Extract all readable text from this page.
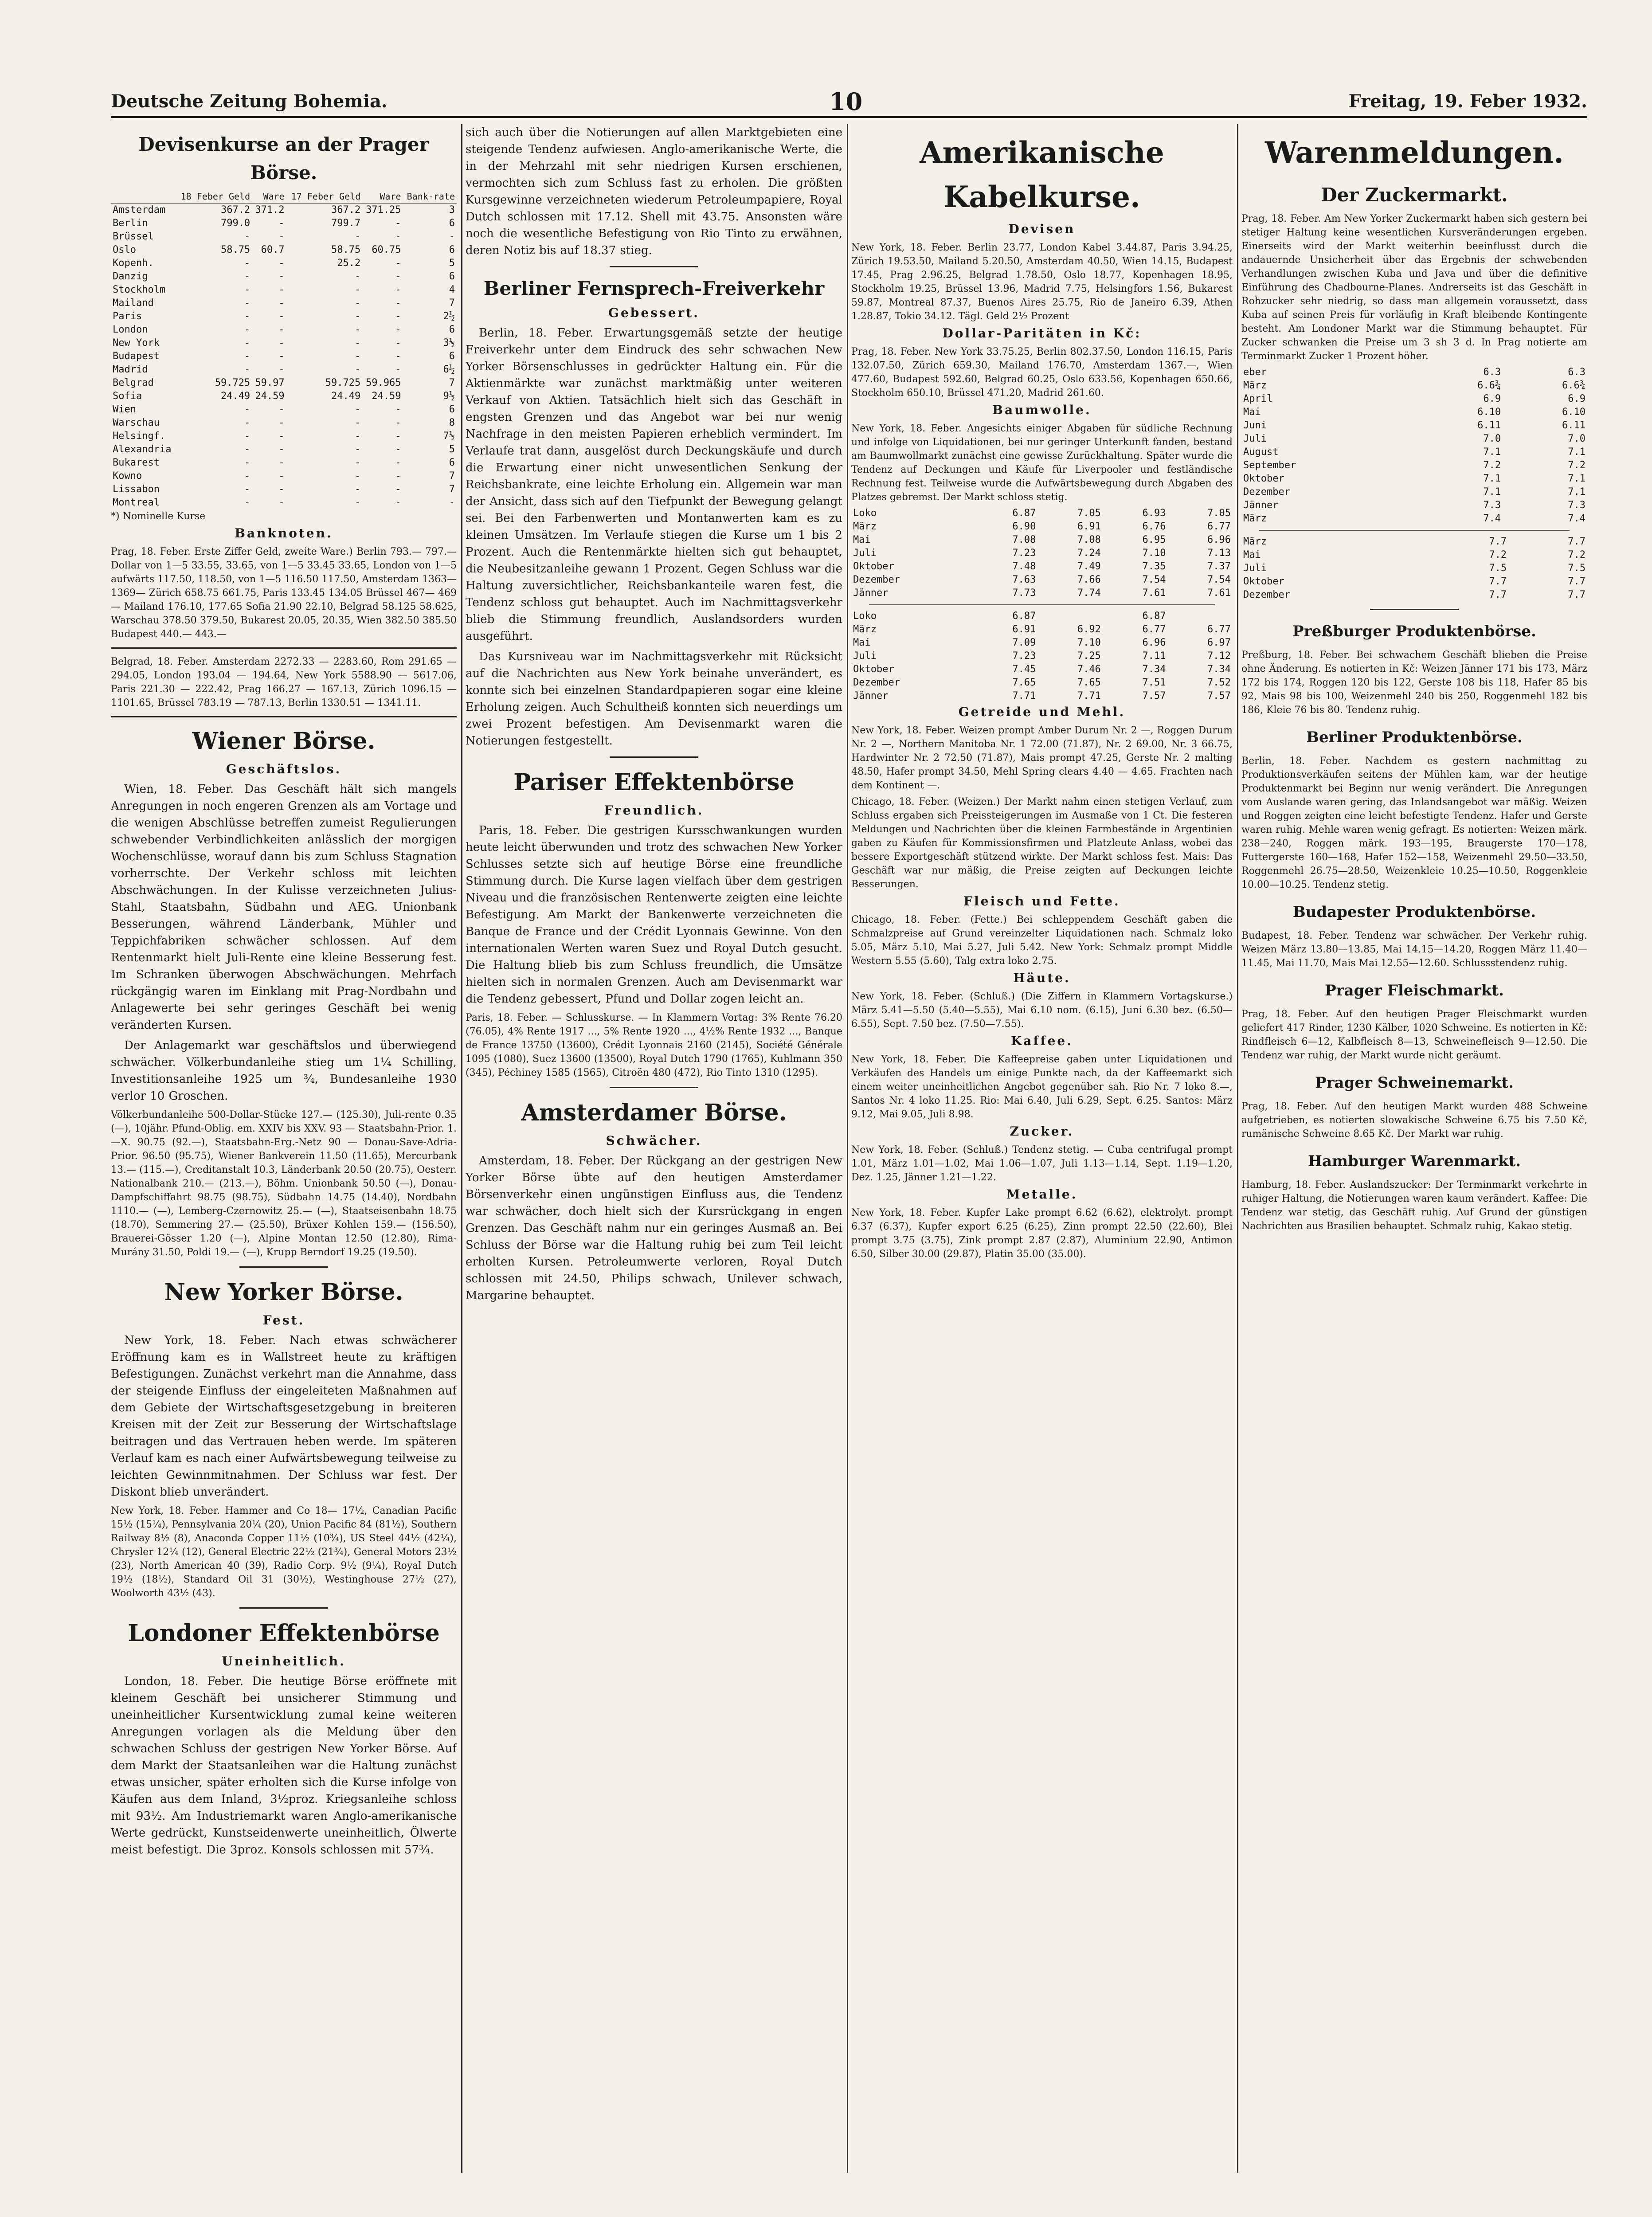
Deutsche Zeitung Bohemia.	10	Freitag, 19. Feber 1932.
Devisenkurse an der Prager Börse.
	18 Feber Geld	Ware	17 Feber Geld	Ware	Bank-rate
Amsterdam	367.2	371.2	367.2	371.25	3
Berlin	799.0	-	799.7	-	6
Brüssel	-	-	-	-	-
Oslo	58.75	60.7	58.75	60.75	6
Kopenh.	-	-	25.2	-	5
Danzig	-	-	-	-	6
Stockholm	-	-	-	-	4
Mailand	-	-	-	-	7
Paris	-	-	-	-	2½
London	-	-	-	-	6
New York	-	-	-	-	3½
Budapest	-	-	-	-	6
Madrid	-	-	-	-	6½
Belgrad	59.725	59.97	59.725	59.965	7
Sofia	24.49	24.59	24.49	24.59	9½
Wien	-	-	-	-	6
Warschau	-	-	-	-	8
Helsingf.	-	-	-	-	7½
Alexandria	-	-	-	-	5
Bukarest	-	-	-	-	6
Kowno	-	-	-	-	7
Lissabon	-	-	-	-	7
Montreal	-	-	-	-	-

*) Nominelle Kurse

Banknoten.

Prag, 18. Feber. Erste Ziffer Geld, zweite Ware.) Berlin 793.— 797.— Dollar von 1—5 33.55, 33.65, von 1—5 33.45 33.65, London von 1—5 aufwärts 117.50, 118.50, von 1—5 116.50 117.50, Amsterdam 1363— 1369— Zürich 658.75 661.75, Paris 133.45 134.05 Brüssel 467— 469— Mailand 176.10, 177.65 Sofia 21.90 22.10, Belgrad 58.125 58.625, Warschau 378.50 379.50, Bukarest 20.05, 20.35, Wien 382.50 385.50 Budapest 440.— 443.—

Belgrad, 18. Feber. Amsterdam 2272.33 — 2283.60, Rom 291.65 — 294.05, London 193.04 — 194.64, New York 5588.90 — 5617.06, Paris 221.30 — 222.42, Prag 166.27 — 167.13, Zürich 1096.15 — 1101.65, Brüssel 783.19 — 787.13, Berlin 1330.51 — 1341.11.

Wiener Börse.
Geschäftslos.

Wien, 18. Feber. Das Geschäft hält sich mangels Anregungen in noch engeren Grenzen als am Vortage und die wenigen Abschlüsse betreffen zumeist Regulierungen schwebender Verbindlichkeiten anlässlich der morgigen Wochenschlüsse, worauf dann bis zum Schluss Stagnation vorherrschte. Der Verkehr schloss mit leichten Abschwächungen. In der Kulisse verzeichneten Julius-Stahl, Staatsbahn, Südbahn und AEG. Unionbank Besserungen, während Länderbank, Mühler und Teppichfabriken schwächer schlossen. Auf dem Rentenmarkt hielt Juli-Rente eine kleine Besserung fest. Im Schranken überwogen Abschwächungen. Mehrfach rückgängig waren im Einklang mit Prag-Nordbahn und Anlagewerte bei sehr geringes Geschäft bei wenig veränderten Kursen.

Der Anlagemarkt war geschäftslos und überwiegend schwächer. Völkerbundanleihe stieg um 1¼ Schilling, Investitionsanleihe 1925 um ¾, Bundesanleihe 1930 verlor 10 Groschen.

Völkerbundanleihe 500-Dollar-Stücke 127.— (125.30), Juli-rente 0.35 (—), 10jähr. Pfund-Oblig. em. XXIV bis XXV. 93 — Staatsbahn-Prior. 1.—X. 90.75 (92.—), Staatsbahn-Erg.-Netz 90 — Donau-Save-Adria-Prior. 96.50 (95.75), Wiener Bankverein 11.50 (11.65), Mercurbank 13.— (115.—), Creditanstalt 10.3, Länderbank 20.50 (20.75), Oesterr. Nationalbank 210.— (213.—), Böhm. Unionbank 50.50 (—), Donau-Dampfschiffahrt 98.75 (98.75), Südbahn 14.75 (14.40), Nordbahn 1110.— (—), Lemberg-Czernowitz 25.— (—), Staatseisenbahn 18.75 (18.70), Semmering 27.— (25.50), Brüxer Kohlen 159.— (156.50), Brauerei-Gösser 1.20 (—), Alpine Montan 12.50 (12.80), Rima-Murány 31.50, Poldi 19.— (—), Krupp Berndorf 19.25 (19.50).

New Yorker Börse.
Fest.

New York, 18. Feber. Nach etwas schwächerer Eröffnung kam es in Wallstreet heute zu kräftigen Befestigungen. Zunächst verkehrt man die Annahme, dass der steigende Einfluss der eingeleiteten Maßnahmen auf dem Gebiete der Wirtschaftsgesetzgebung in breiteren Kreisen mit der Zeit zur Besserung der Wirtschaftslage beitragen und das Vertrauen heben werde. Im späteren Verlauf kam es nach einer Aufwärtsbewegung teilweise zu leichten Gewinnmitnahmen. Der Schluss war fest. Der Diskont blieb unverändert.

New York, 18. Feber. Hammer and Co 18— 17½, Canadian Pacific 15½ (15¼), Pennsylvania 20¼ (20), Union Pacific 84 (81½), Southern Railway 8½ (8), Anaconda Copper 11½ (10¾), US Steel 44½ (42¼), Chrysler 12¼ (12), General Electric 22½ (21¾), General Motors 23½ (23), North American 40 (39), Radio Corp. 9½ (9¼), Royal Dutch 19½ (18½), Standard Oil 31 (30½), Westinghouse 27½ (27), Woolworth 43½ (43).

Londoner Effektenbörse
Uneinheitlich.

London, 18. Feber. Die heutige Börse eröffnete mit kleinem Geschäft bei unsicherer Stimmung und uneinheitlicher Kursentwicklung zumal keine weiteren Anregungen vorlagen als die Meldung über den schwachen Schluss der gestrigen New Yorker Börse. Auf dem Markt der Staatsanleihen war die Haltung zunächst etwas unsicher, später erholten sich die Kurse infolge von Käufen aus dem Inland, 3½proz. Kriegsanleihe schloss mit 93½. Am Industriemarkt waren Anglo-amerikanische Werte gedrückt, Kunstseidenwerte uneinheitlich, Ölwerte meist befestigt. Die 3proz. Konsols schlossen mit 57¾.

sich auch über die Notierungen auf allen Marktgebieten eine steigende Tendenz aufwiesen. Anglo-amerikanische Werte, die in der Mehrzahl mit sehr niedrigen Kursen erschienen, vermochten sich zum Schluss fast zu erholen. Die größten Kursgewinne verzeichneten wiederum Petroleumpapiere, Royal Dutch schlossen mit 17.12. Shell mit 43.75. Ansonsten wäre noch die wesentliche Befestigung von Rio Tinto zu erwähnen, deren Notiz bis auf 18.37 stieg.

Berliner Fernsprech-Freiverkehr
Gebessert.

Berlin, 18. Feber. Erwartungsgemäß setzte der heutige Freiverkehr unter dem Eindruck des sehr schwachen New Yorker Börsenschlusses in gedrückter Haltung ein. Für die Aktienmärkte war zunächst marktmäßig unter weiteren Verkauf von Aktien. Tatsächlich hielt sich das Geschäft in engsten Grenzen und das Angebot war bei nur wenig Nachfrage in den meisten Papieren erheblich vermindert. Im Verlaufe trat dann, ausgelöst durch Deckungskäufe und durch die Erwartung einer nicht unwesentlichen Senkung der Reichsbankrate, eine leichte Erholung ein. Allgemein war man der Ansicht, dass sich auf den Tiefpunkt der Bewegung gelangt sei. Bei den Farbenwerten und Montanwerten kam es zu kleinen Umsätzen. Im Verlaufe stiegen die Kurse um 1 bis 2 Prozent. Auch die Rentenmärkte hielten sich gut behauptet, die Neubesitzanleihe gewann 1 Prozent. Gegen Schluss war die Haltung zuversichtlicher, Reichsbankanteile waren fest, die Tendenz schloss gut behauptet. Auch im Nachmittagsverkehr blieb die Stimmung freundlich, Auslandsorders wurden ausgeführt.

Das Kursniveau war im Nachmittagsverkehr mit Rücksicht auf die Nachrichten aus New York beinahe unverändert, es konnte sich bei einzelnen Standardpapieren sogar eine kleine Erholung zeigen. Auch Schultheiß konnten sich neuerdings um zwei Prozent befestigen. Am Devisenmarkt waren die Notierungen festgestellt.

Pariser Effektenbörse
Freundlich.

Paris, 18. Feber. Die gestrigen Kursschwankungen wurden heute leicht überwunden und trotz des schwachen New Yorker Schlusses setzte sich auf heutige Börse eine freundliche Stimmung durch. Die Kurse lagen vielfach über dem gestrigen Niveau und die französischen Rentenwerte zeigten eine leichte Befestigung. Am Markt der Bankenwerte verzeichneten die Banque de France und der Crédit Lyonnais Gewinne. Von den internationalen Werten waren Suez und Royal Dutch gesucht. Die Haltung blieb bis zum Schluss freundlich, die Umsätze hielten sich in normalen Grenzen. Auch am Devisenmarkt war die Tendenz gebessert, Pfund und Dollar zogen leicht an.

Paris, 18. Feber. — Schlusskurse. — In Klammern Vortag: 3% Rente 76.20 (76.05), 4% Rente 1917 ..., 5% Rente 1920 ..., 4½% Rente 1932 ..., Banque de France 13750 (13600), Crédit Lyonnais 2160 (2145), Société Générale 1095 (1080), Suez 13600 (13500), Royal Dutch 1790 (1765), Kuhlmann 350 (345), Péchiney 1585 (1565), Citroën 480 (472), Rio Tinto 1310 (1295).

Amsterdamer Börse.
Schwächer.

Amsterdam, 18. Feber. Der Rückgang an der gestrigen New Yorker Börse übte auf den heutigen Amsterdamer Börsenverkehr einen ungünstigen Einfluss aus, die Tendenz war schwächer, doch hielt sich der Kursrückgang in engen Grenzen. Das Geschäft nahm nur ein geringes Ausmaß an. Bei Schluss der Börse war die Haltung ruhig bei zum Teil leicht erholten Kursen. Petroleumwerte verloren, Royal Dutch schlossen mit 24.50, Philips schwach, Unilever schwach, Margarine behauptet.

Amerikanische Kabelkurse.
Devisen

New York, 18. Feber. Berlin 23.77, London Kabel 3.44.87, Paris 3.94.25, Zürich 19.53.50, Mailand 5.20.50, Amsterdam 40.50, Wien 14.15, Budapest 17.45, Prag 2.96.25, Belgrad 1.78.50, Oslo 18.77, Kopenhagen 18.95, Stockholm 19.25, Brüssel 13.96, Madrid 7.75, Helsingfors 1.56, Bukarest 59.87, Montreal 87.37, Buenos Aires 25.75, Rio de Janeiro 6.39, Athen 1.28.87, Tokio 34.12. Tägl. Geld 2½ Prozent

Dollar-Paritäten in Kč:

Prag, 18. Feber. New York 33.75.25, Berlin 802.37.50, London 116.15, Paris 132.07.50, Zürich 659.30, Mailand 176.70, Amsterdam 1367.—, Wien 477.60, Budapest 592.60, Belgrad 60.25, Oslo 633.56, Kopenhagen 650.66, Stockholm 650.10, Brüssel 471.20, Madrid 261.60.

Baumwolle.

New York, 18. Feber. Angesichts einiger Abgaben für südliche Rechnung und infolge von Liquidationen, bei nur geringer Unterkunft fanden, bestand am Baumwollmarkt zunächst eine gewisse Zurückhaltung. Später wurde die Tendenz auf Deckungen und Käufe für Liverpooler und festländische Rechnung fest. Teilweise wurde die Aufwärtsbewegung durch Abgaben des Platzes gebremst. Der Markt schloss stetig.

Loko	6.87	7.05	6.93	7.05
März	6.90	6.91	6.76	6.77
Mai	7.08	7.08	6.95	6.96
Juli	7.23	7.24	7.10	7.13
Oktober	7.48	7.49	7.35	7.37
Dezember	7.63	7.66	7.54	7.54
Jänner	7.73	7.74	7.61	7.61
Loko	6.87		6.87	
März	6.91	6.92	6.77	6.77
Mai	7.09	7.10	6.96	6.97
Juli	7.23	7.25	7.11	7.12
Oktober	7.45	7.46	7.34	7.34
Dezember	7.65	7.65	7.51	7.52
Jänner	7.71	7.71	7.57	7.57
Getreide und Mehl.

New York, 18. Feber. Weizen prompt Amber Durum Nr. 2 —, Roggen Durum Nr. 2 —, Northern Manitoba Nr. 1 72.00 (71.87), Nr. 2 69.00, Nr. 3 66.75, Hardwinter Nr. 2 72.50 (71.87), Mais prompt 47.25, Gerste Nr. 2 malting 48.50, Hafer prompt 34.50, Mehl Spring clears 4.40 — 4.65. Frachten nach dem Kontinent —.

Chicago, 18. Feber. (Weizen.) Der Markt nahm einen stetigen Verlauf, zum Schluss ergaben sich Preissteigerungen im Ausmaße von 1 Ct. Die festeren Meldungen und Nachrichten über die kleinen Farmbestände in Argentinien gaben zu Käufen für Kommissionsfirmen und Platzleute Anlass, wobei das bessere Exportgeschäft stützend wirkte. Der Markt schloss fest. Mais: Das Geschäft war nur mäßig, die Preise zeigten auf Deckungen leichte Besserungen.

Fleisch und Fette.

Chicago, 18. Feber. (Fette.) Bei schleppendem Geschäft gaben die Schmalzpreise auf Grund vereinzelter Liquidationen nach. Schmalz loko 5.05, März 5.10, Mai 5.27, Juli 5.42. New York: Schmalz prompt Middle Western 5.55 (5.60), Talg extra loko 2.75.

Häute.

New York, 18. Feber. (Schluß.) (Die Ziffern in Klammern Vortagskurse.) März 5.41—5.50 (5.40—5.55), Mai 6.10 nom. (6.15), Juni 6.30 bez. (6.50—6.55), Sept. 7.50 bez. (7.50—7.55).

Kaffee.

New York, 18. Feber. Die Kaffeepreise gaben unter Liquidationen und Verkäufen des Handels um einige Punkte nach, da der Kaffeemarkt sich einem weiter uneinheitlichen Angebot gegenüber sah. Rio Nr. 7 loko 8.—, Santos Nr. 4 loko 11.25. Rio: Mai 6.40, Juli 6.29, Sept. 6.25. Santos: März 9.12, Mai 9.05, Juli 8.98.

Zucker.

New York, 18. Feber. (Schluß.) Tendenz stetig. — Cuba centrifugal prompt 1.01, März 1.01—1.02, Mai 1.06—1.07, Juli 1.13—1.14, Sept. 1.19—1.20, Dez. 1.25, Jänner 1.21—1.22.

Metalle.

New York, 18. Feber. Kupfer Lake prompt 6.62 (6.62), elektrolyt. prompt 6.37 (6.37), Kupfer export 6.25 (6.25), Zinn prompt 22.50 (22.60), Blei prompt 3.75 (3.75), Zink prompt 2.87 (2.87), Aluminium 22.90, Antimon 6.50, Silber 30.00 (29.87), Platin 35.00 (35.00).

Warenmeldungen.
Der Zuckermarkt.

Prag, 18. Feber. Am New Yorker Zuckermarkt haben sich gestern bei stetiger Haltung keine wesentlichen Kursveränderungen ergeben. Einerseits wird der Markt weiterhin beeinflusst durch die andauernde Unsicherheit über das Ergebnis der schwebenden Verhandlungen zwischen Kuba und Java und über die definitive Einführung des Chadbourne-Planes. Andrerseits ist das Geschäft in Rohzucker sehr niedrig, so dass man allgemein voraussetzt, dass Kuba auf seinen Preis für vorläufig in Kraft bleibende Kontingente besteht. Am Londoner Markt war die Stimmung behauptet. Für Zucker schwanken die Preise um 3 sh 3 d. In Prag notierte am Terminmarkt Zucker 1 Prozent höher.

eber	6.3	6.3
März	6.6¾	6.6¾
April	6.9	6.9
Mai	6.10	6.10
Juni	6.11	6.11
Juli	7.0	7.0
August	7.1	7.1
September	7.2	7.2
Oktober	7.1	7.1
Dezember	7.1	7.1
Jänner	7.3	7.3
März	7.4	7.4
März	7.7	7.7
Mai	7.2	7.2
Juli	7.5	7.5
Oktober	7.7	7.7
Dezember	7.7	7.7
Preßburger Produktenbörse.

Preßburg, 18. Feber. Bei schwachem Geschäft blieben die Preise ohne Änderung. Es notierten in Kč: Weizen Jänner 171 bis 173, März 172 bis 174, Roggen 120 bis 122, Gerste 108 bis 118, Hafer 85 bis 92, Mais 98 bis 100, Weizenmehl 240 bis 250, Roggenmehl 182 bis 186, Kleie 76 bis 80. Tendenz ruhig.

Berliner Produktenbörse.

Berlin, 18. Feber. Nachdem es gestern nachmittag zu Produktionsverkäufen seitens der Mühlen kam, war der heutige Produktenmarkt bei Beginn nur wenig verändert. Die Anregungen vom Auslande waren gering, das Inlandsangebot war mäßig. Weizen und Roggen zeigten eine leicht befestigte Tendenz. Hafer und Gerste waren ruhig. Mehle waren wenig gefragt. Es notierten: Weizen märk. 238—240, Roggen märk. 193—195, Braugerste 170—178, Futtergerste 160—168, Hafer 152—158, Weizenmehl 29.50—33.50, Roggenmehl 26.75—28.50, Weizenkleie 10.25—10.50, Roggenkleie 10.00—10.25. Tendenz stetig.

Budapester Produktenbörse.

Budapest, 18. Feber. Tendenz war schwächer. Der Verkehr ruhig. Weizen März 13.80—13.85, Mai 14.15—14.20, Roggen März 11.40—11.45, Mai 11.70, Mais Mai 12.55—12.60. Schlussstendenz ruhig.

Prager Fleischmarkt.

Prag, 18. Feber. Auf den heutigen Prager Fleischmarkt wurden geliefert 417 Rinder, 1230 Kälber, 1020 Schweine. Es notierten in Kč: Rindfleisch 6—12, Kalbfleisch 8—13, Schweinefleisch 9—12.50. Die Tendenz war ruhig, der Markt wurde nicht geräumt.

Prager Schweinemarkt.

Prag, 18. Feber. Auf den heutigen Markt wurden 488 Schweine aufgetrieben, es notierten slowakische Schweine 6.75 bis 7.50 Kč, rumänische Schweine 8.65 Kč. Der Markt war ruhig.

Hamburger Warenmarkt.

Hamburg, 18. Feber. Auslandszucker: Der Terminmarkt verkehrte in ruhiger Haltung, die Notierungen waren kaum verändert. Kaffee: Die Tendenz war stetig, das Geschäft ruhig. Auf Grund der günstigen Nachrichten aus Brasilien behauptet. Schmalz ruhig, Kakao stetig.
